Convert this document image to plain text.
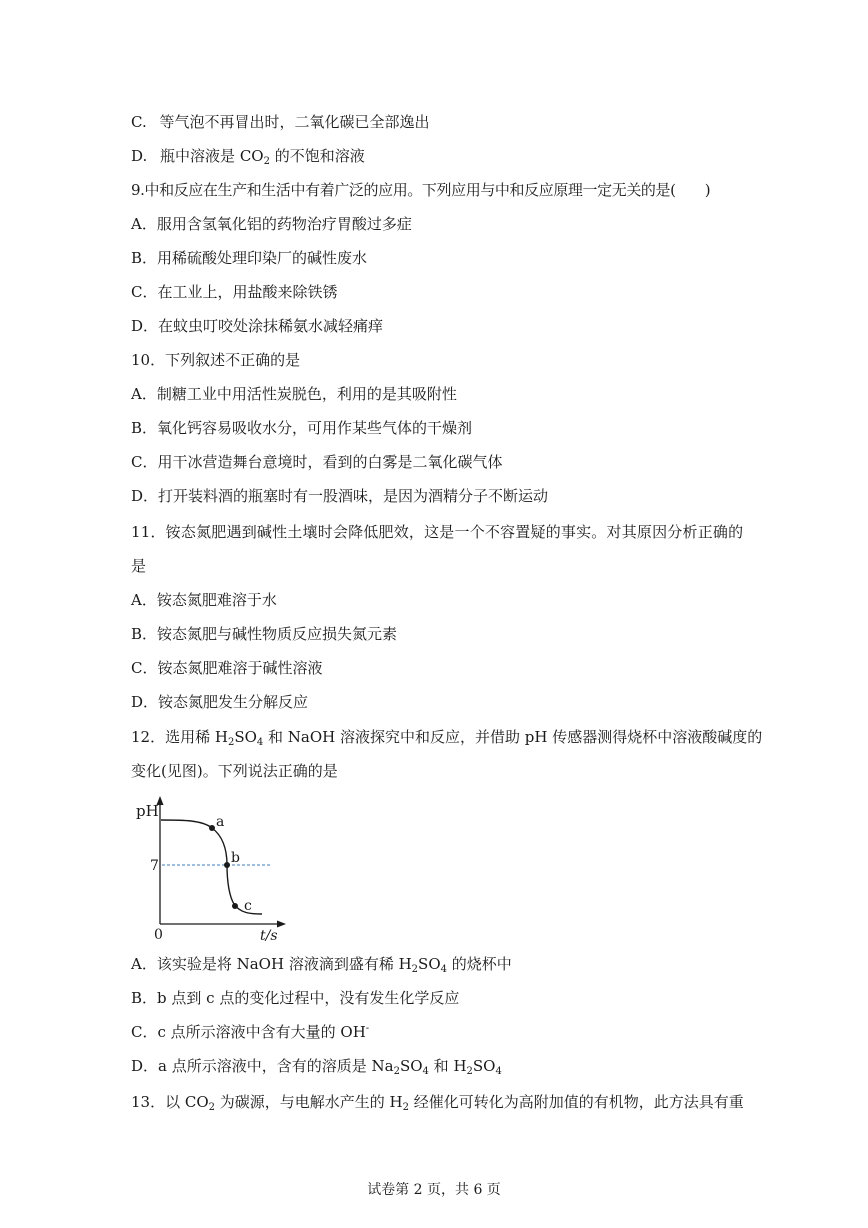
C. 等气泡不再冒出时，二氧化碳已全部逸出
D. 瓶中溶液是 $CO_2$ 的不饱和溶液
9.中和反应在生产和生活中有着广泛的应用。下列应用与中和反应原理一定无关的是(　　)
A．服用含氢氧化铝的药物治疗胃酸过多症
B．用稀硫酸处理印染厂的碱性废水
C．在工业上，用盐酸来除铁锈
D．在蚊虫叮咬处涂抹稀氨水减轻痛痒
10．下列叙述不正确的是
A．制糖工业中用活性炭脱色，利用的是其吸附性
B．氧化钙容易吸收水分，可用作某些气体的干燥剂
C．用干冰营造舞台意境时，看到的白雾是二氧化碳气体
D．打开装料酒的瓶塞时有一股酒味，是因为酒精分子不断运动
11．铵态氮肥遇到碱性土壤时会降低肥效，这是一个不容置疑的事实。对其原因分析正确的
是
A．铵态氮肥难溶于水
B．铵态氮肥与碱性物质反应损失氮元素
C．铵态氮肥难溶于碱性溶液
D．铵态氮肥发生分解反应
12．选用稀 $H_2SO_4$ 和 NaOH 溶液探究中和反应，并借助 pH 传感器测得烧杯中溶液酸碱度的
变化(见图)。下列说法正确的是
pH
7
0	t/s
a
b
c
A．该实验是将 NaOH 溶液滴到盛有稀 $H_2SO_4$ 的烧杯中
B．b 点到 c 点的变化过程中，没有发生化学反应
C．c 点所示溶液中含有大量的 OH-
D．a 点所示溶液中，含有的溶质是 $Na_2SO_4$ 和 $H_2SO_4$
13．以 $CO_2$ 为碳源，与电解水产生的 $H_2$ 经催化可转化为高附加值的有机物，此方法具有重
试卷第 2 页，共 6 页
